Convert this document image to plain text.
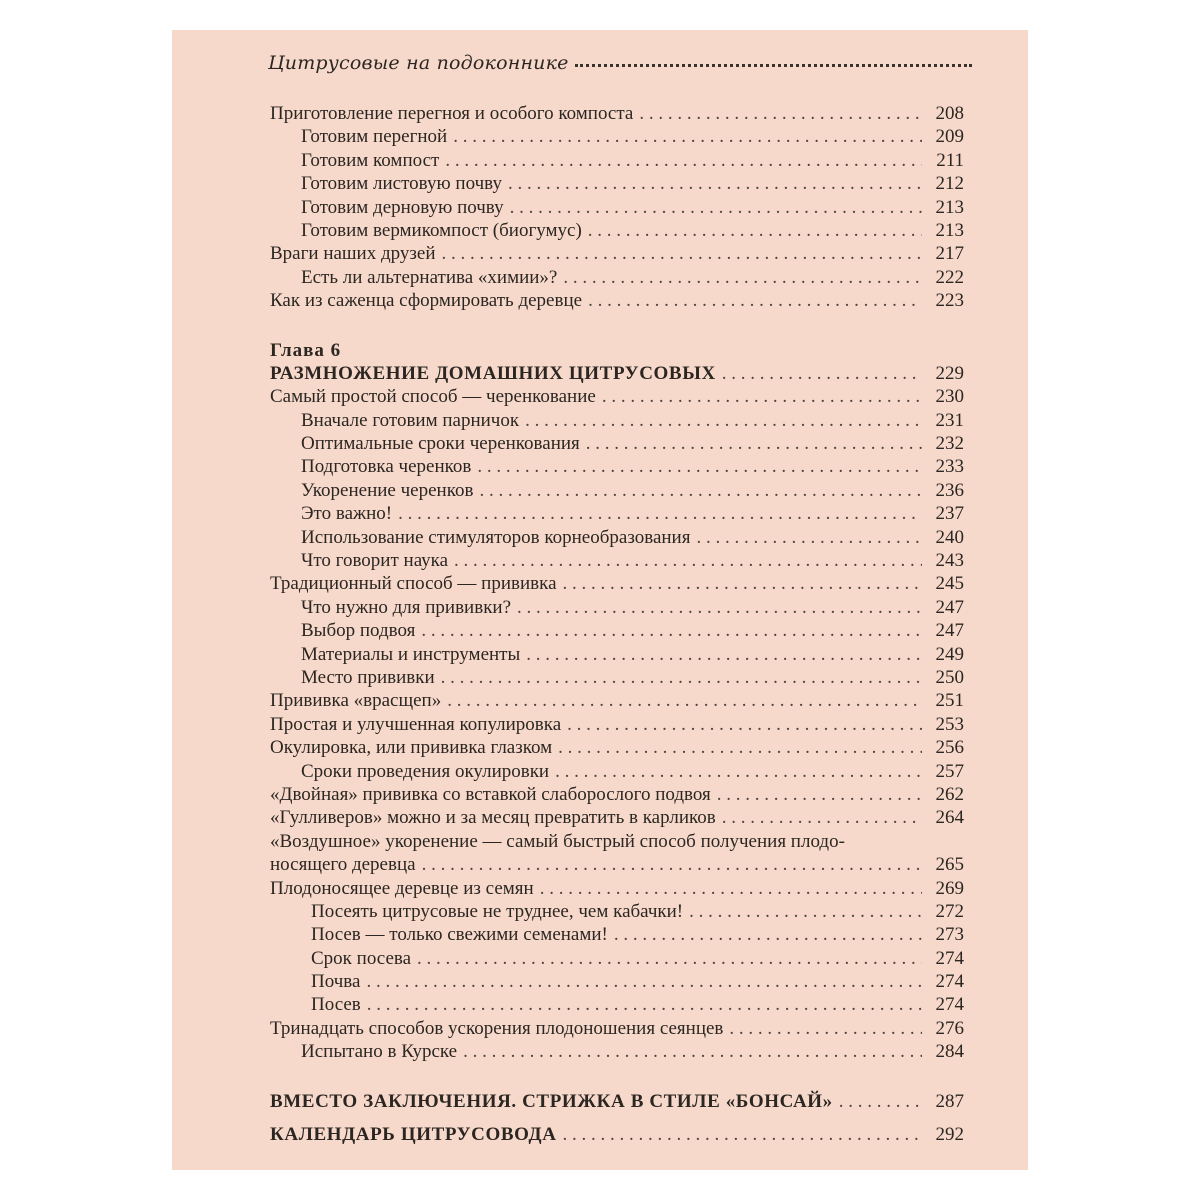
Цитрусовые на подоконнике
Приготовление перегноя и особого компоста . . .	208
Готовим перегной . . .	209
Готовим компост . . .	211
Готовим листовую почву . . .	212
Готовим дерновую почву . . .	213
Готовим вермикомпост (биогумус) . . .	213
Враги наших друзей . . .	217
Есть ли альтернатива «химии»? . . .	222
Как из саженца сформировать деревце . . .	223
Глава 6
РАЗМНОЖЕНИЕ ДОМАШНИХ ЦИТРУСОВЫХ . . .	229
Самый простой способ — черенкование . . .	230
Вначале готовим парничок . . .	231
Оптимальные сроки черенкования . . .	232
Подготовка черенков . . .	233
Укоренение черенков . . .	236
Это важно! . . .	237
Использование стимуляторов корнеобразования . . .	240
Что говорит наука . . .	243
Традиционный способ — прививка . . .	245
Что нужно для прививки? . . .	247
Выбор подвоя . . .	247
Материалы и инструменты . . .	249
Место прививки . . .	250
Прививка «врасщеп» . . .	251
Простая и улучшенная копулировка . . .	253
Окулировка, или прививка глазком . . .	256
Сроки проведения окулировки . . .	257
«Двойная» прививка со вставкой слаборослого подвоя . . .	262
«Гулливеров» можно и за месяц превратить в карликов . . .	264
«Воздушное» укоренение — самый быстрый способ получения плодо-
носящего деревца . . .	265
Плодоносящее деревце из семян . . .	269
Посеять цитрусовые не труднее, чем кабачки! . . .	272
Посев — только свежими семенами! . . .	273
Срок посева . . .	274
Почва . . .	274
Посев . . .	274
Тринадцать способов ускорения плодоношения сеянцев . . .	276
Испытано в Курске . . .	284
ВМЕСТО ЗАКЛЮЧЕНИЯ. СТРИЖКА В СТИЛЕ «БОНСАЙ» . . .	287
КАЛЕНДАРЬ ЦИТРУСОВОДА . . .	292
